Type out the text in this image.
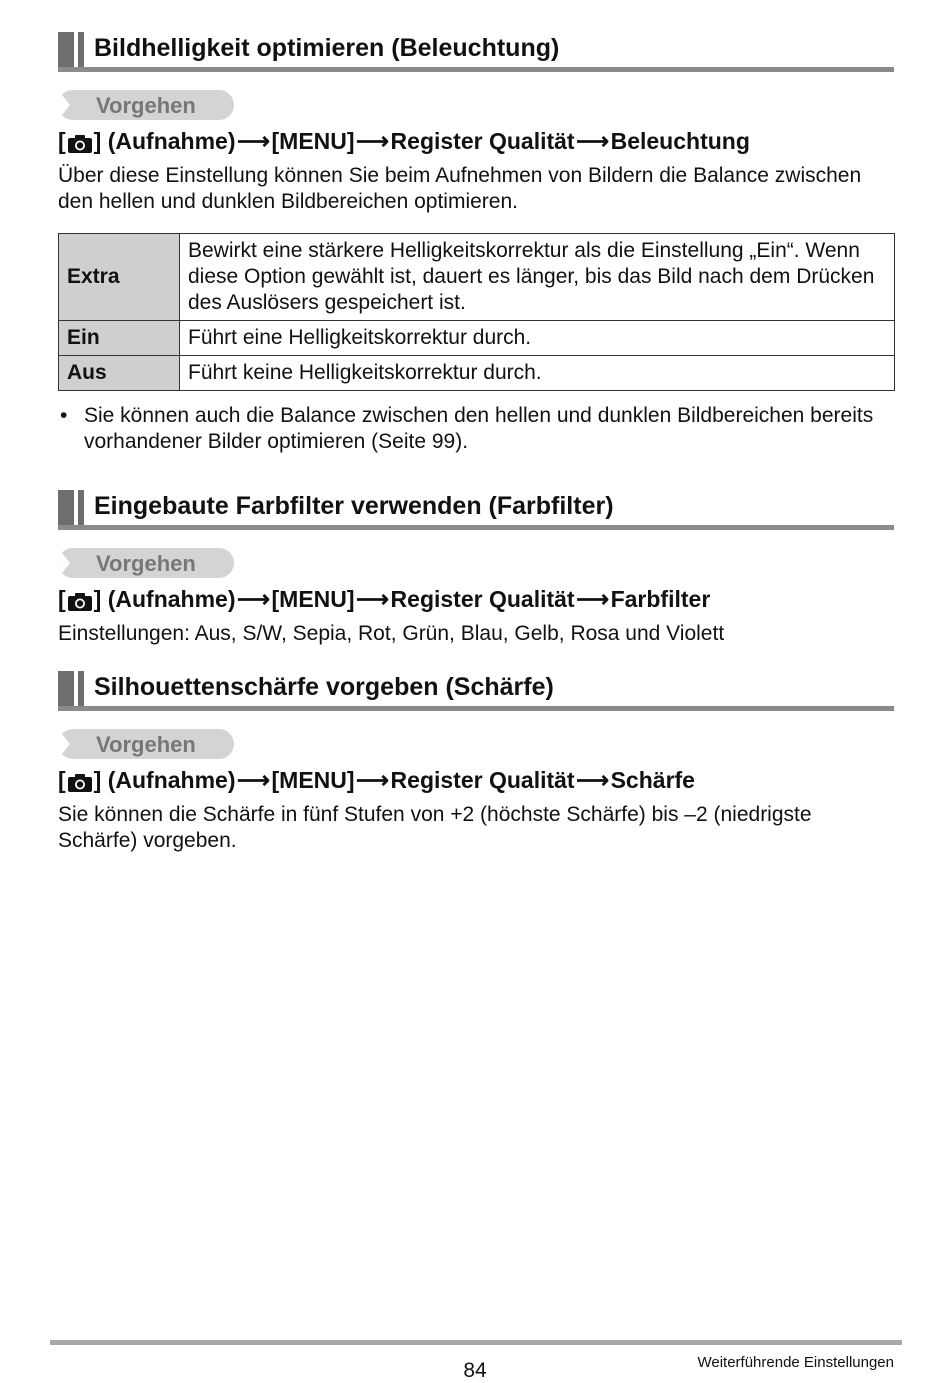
Bildhelligkeit optimieren (Beleuchtung)
Vorgehen
[ ] (Aufnahme) ⟶ [MENU] ⟶ Register Qualität ⟶ Beleuchtung
Über diese Einstellung können Sie beim Aufnehmen von Bildern die Balance zwischen den hellen und dunklen Bildbereichen optimieren.
Extra	Bewirkt eine stärkere Helligkeitskorrektur als die Einstellung „Ein“. Wenn diese Option gewählt ist, dauert es länger, bis das Bild nach dem Drücken des Auslösers gespeichert ist.
Ein	Führt eine Helligkeitskorrektur durch.
Aus	Führt keine Helligkeitskorrektur durch.
• Sie können auch die Balance zwischen den hellen und dunklen Bildbereichen bereits vorhandener Bilder optimieren (Seite 99).
Eingebaute Farbfilter verwenden (Farbfilter)
Vorgehen
[ ] (Aufnahme) ⟶ [MENU] ⟶ Register Qualität ⟶ Farbfilter
Einstellungen: Aus, S/W, Sepia, Rot, Grün, Blau, Gelb, Rosa und Violett
Silhouettenschärfe vorgeben (Schärfe)
Vorgehen
[ ] (Aufnahme) ⟶ [MENU] ⟶ Register Qualität ⟶ Schärfe
Sie können die Schärfe in fünf Stufen von +2 (höchste Schärfe) bis –2 (niedrigste Schärfe) vorgeben.
84	Weiterführende Einstellungen
